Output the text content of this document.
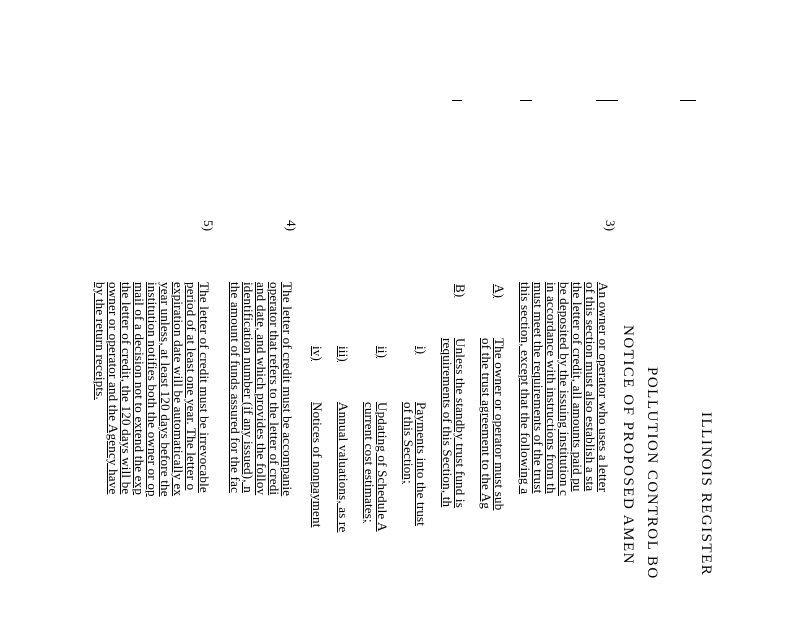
ILLINOIS REGISTER
POLLUTION CONTROL BO
NOTICE OF PROPOSED AMEN
3)
An owner or operator who uses a letter
of this section must also establish a sta
the letter of credit, all amounts paid pu
be deposited by the issuing institution c
in accordance with instructions from th
must meet the requirements of the trust
this section, except that the following a
A)
The owner or operator must sub
of the trust agreement to the Ag
B)
Unless the standby trust fund is
requirements of this Section, th
i)
Payments into the trust
of this Section;
ii)
Updating of Schedule A
current cost estimates;
iii)
Annual valuations, as re
iv)
Notices of nonpayment
4)
The letter of credit must be accompanie
operator that refers to the letter of credi
and date, and which provides the follov
identification number (if any issued), n
the amount of funds assured for the fac
5)
The letter of credit must be irrevocable
period of at least one year. The letter o
expiration date will be automatically ex
year unless, at least 120 days before the
institution notifies both the owner or op
mail of a decision not to extend the exp
the letter of credit, the 120 days will be
owner or operator and the Agency have
by the return receipts.
